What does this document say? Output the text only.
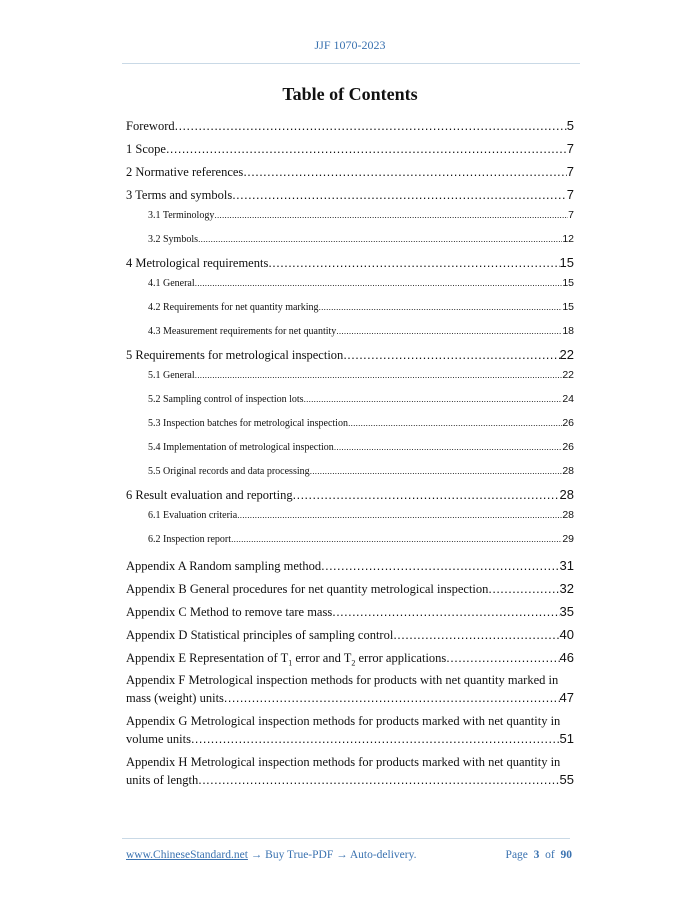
JJF 1070-2023
Table of Contents
Foreword .....	5
1 Scope .....	7
2 Normative references .....	7
3 Terms and symbols .....	7
3.1 Terminology .....	7
3.2 Symbols .....	12
4 Metrological requirements .....	15
4.1 General .....	15
4.2 Requirements for net quantity marking .....	15
4.3 Measurement requirements for net quantity .....	18
5 Requirements for metrological inspection .....	22
5.1 General .....	22
5.2 Sampling control of inspection lots .....	24
5.3 Inspection batches for metrological inspection .....	26
5.4 Implementation of metrological inspection .....	26
5.5 Original records and data processing .....	28
6 Result evaluation and reporting .....	28
6.1 Evaluation criteria .....	28
6.2 Inspection report .....	29
Appendix A Random sampling method .....	31
Appendix B General procedures for net quantity metrological inspection .....	32
Appendix C Method to remove tare mass .....	35
Appendix D Statistical principles of sampling control .....	40
Appendix E Representation of $T_1$ error and $T_2$ error applications .....	46
Appendix F Metrological inspection methods for products with net quantity marked in
mass (weight) units .....	47
Appendix G Metrological inspection methods for products marked with net quantity in
volume units .....	51
Appendix H Metrological inspection methods for products marked with net quantity in
units of length .....	55
www.ChineseStandard.net → Buy True-PDF → Auto-delivery.	Page 3 of 90
